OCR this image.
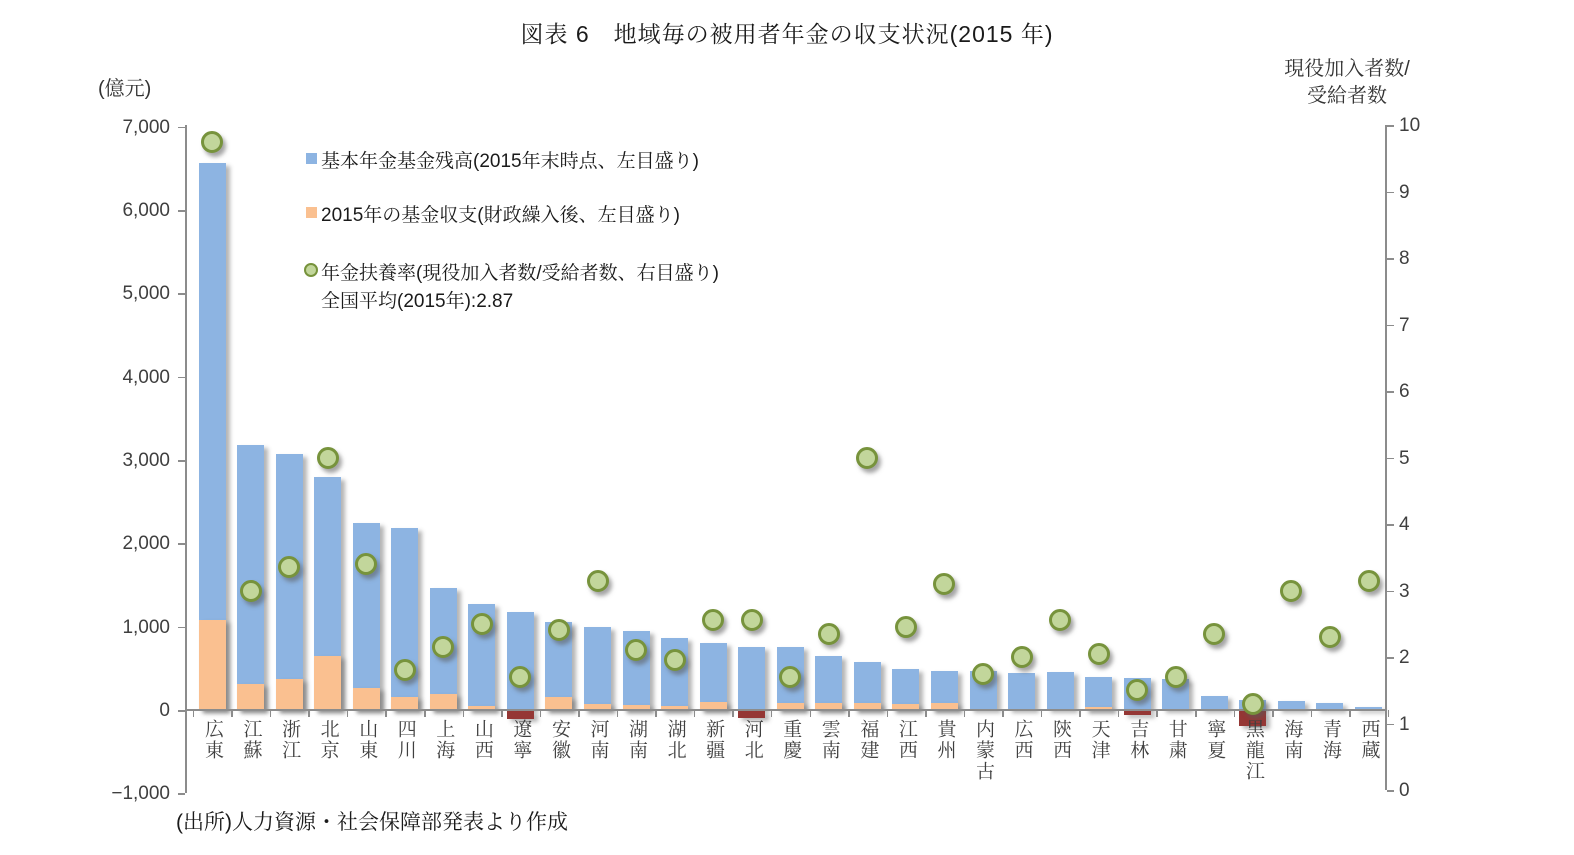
図表 6　地域毎の被用者年金の収支状況(2015 年)
(億元)
現役加入者数/
受給者数
基本年金基金残高(2015年末時点、左目盛り)
2015年の基金収支(財政繰入後、左目盛り)
年金扶養率(現役加入者数/受給者数、右目盛り)
全国平均(2015年):2.87
7,000
6,000
5,000
4,000
3,000
2,000
1,000
0
−1,000
10
9
8
7
6
5
4
3
2
1
0
広東 江蘇 浙江 北京 山東 四川 上海 山西 遼寧 安徽 河南 湖南 湖北 新疆 河北 重慶 雲南 福建 江西 貴州 内蒙古 広西 陝西 天津 吉林 甘粛 寧夏 黒龍江 海南 青海 西蔵
(出所)人力資源・社会保障部発表より作成
